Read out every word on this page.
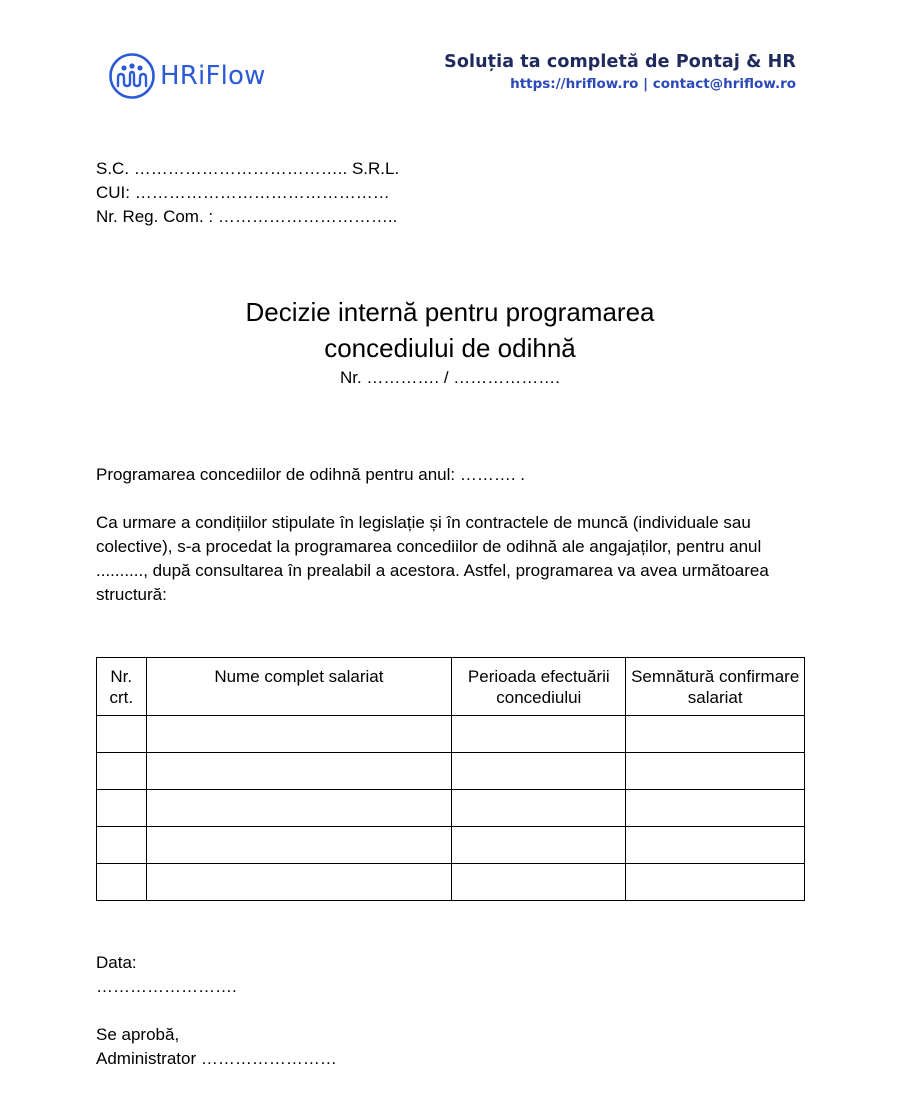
HRiFlow	Soluția ta completă de Pontaj & HR
https://hriflow.ro | contact@hriflow.ro
S.C. ……………………………….. S.R.L.
CUI: ………………………………………
Nr. Reg. Com. : …………………………..
Decizie internă pentru programarea
concediului de odihnă
Nr. …………. / ……………….
Programarea concediilor de odihnă pentru anul: ………. .
Ca urmare a condițiilor stipulate în legislație și în contractele de muncă (individuale sau colective), s-a procedat la programarea concediilor de odihnă ale angajaților, pentru anul .........., după consultarea în prealabil a acestora. Astfel, programarea va avea următoarea structură:
Nr. crt.	Nume complet salariat	Perioada efectuării concediului	Semnătură confirmare salariat

Data:
…………………….
Se aprobă,
Administrator ……………………
